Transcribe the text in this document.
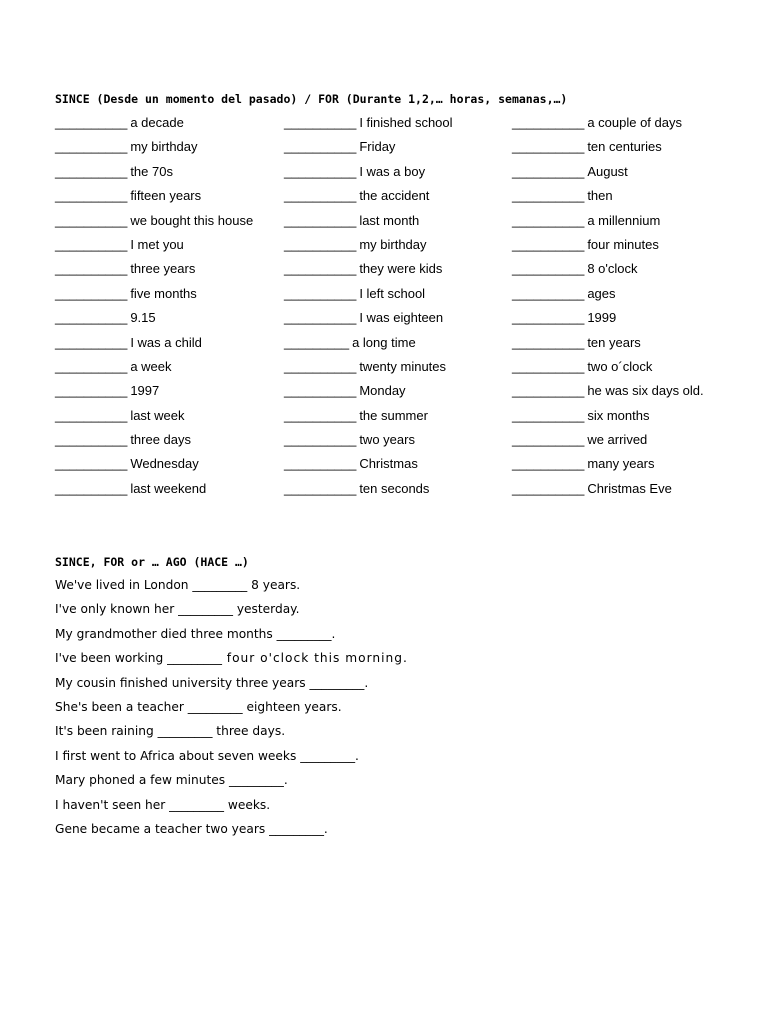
SINCE (Desde un momento del pasado) / FOR (Durante 1,2,… horas, semanas,…)
__________ a decade
__________ my birthday
__________ the 70s
__________ fifteen years
__________ we bought this house
__________ I met you
__________ three years
__________ five months
__________ 9.15
__________ I was a child
__________ a week
__________ 1997
__________ last week
__________ three days
__________ Wednesday
__________ last weekend
__________ I finished school
__________ Friday
__________ I was a boy
__________ the accident
__________ last month
__________ my birthday
__________ they were kids
__________ I left school
__________ I was eighteen
_________ a long time
__________ twenty minutes
__________ Monday
__________ the summer
__________ two years
__________ Christmas
__________ ten seconds
__________ a couple of days
__________ ten centuries
__________ August
__________ then
__________ a millennium
__________ four minutes
__________ 8 o'clock
__________ ages
__________ 1999
__________ ten years
__________ two o´clock
__________ he was six days old.
__________ six months
__________ we arrived
__________ many years
__________ Christmas Eve
SINCE, FOR or … AGO (HACE …)
We've lived in London _________ 8 years.
I've only known her _________ yesterday.
My grandmother died three months _________.
I've been working _________ four o'clock this morning.
My cousin finished university three years _________.
She's been a teacher _________ eighteen years.
It's been raining _________ three days.
I first went to Africa about seven weeks _________.
Mary phoned a few minutes _________.
I haven't seen her _________ weeks.
Gene became a teacher two years _________.
